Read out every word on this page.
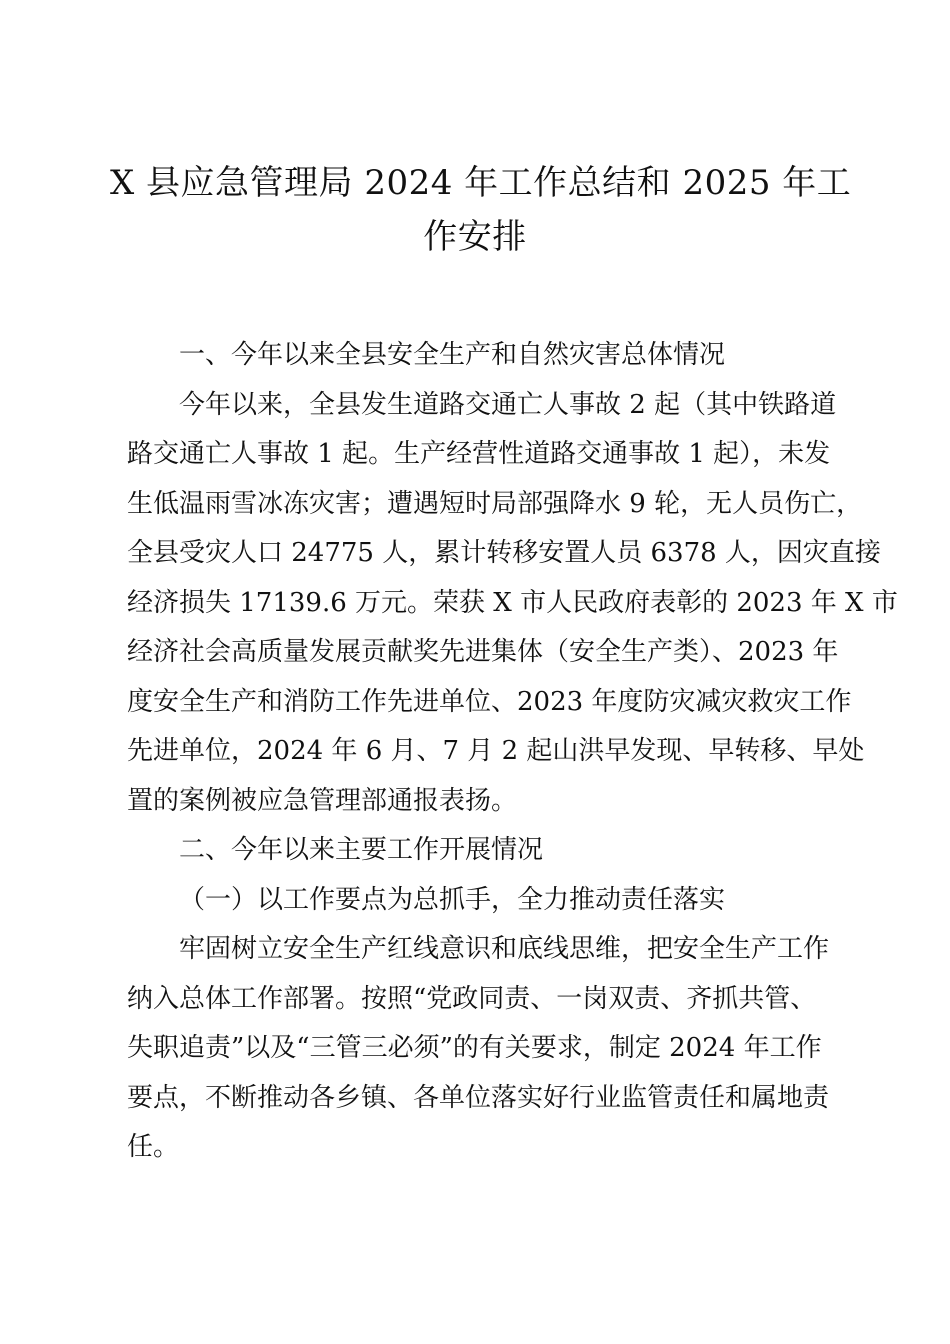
X 县应急管理局 2024 年工作总结和 2025 年工
作安排

一、今年以来全县安全生产和自然灾害总体情况

今年以来，全县发生道路交通亡人事故 2 起（其中铁路道
路交通亡人事故 1 起。生产经营性道路交通事故 1 起），未发
生低温雨雪冰冻灾害；遭遇短时局部强降水 9 轮，无人员伤亡，
全县受灾人口 24775 人，累计转移安置人员 6378 人，因灾直接
经济损失 17139.6 万元。荣获 X 市人民政府表彰的 2023 年 X 市
经济社会高质量发展贡献奖先进集体（安全生产类）、2023 年
度安全生产和消防工作先进单位、2023 年度防灾减灾救灾工作
先进单位，2024 年 6 月、7 月 2 起山洪早发现、早转移、早处
置的案例被应急管理部通报表扬。

二、今年以来主要工作开展情况

（一）以工作要点为总抓手，全力推动责任落实

牢固树立安全生产红线意识和底线思维，把安全生产工作
纳入总体工作部署。按照“党政同责、一岗双责、齐抓共管、
失职追责”以及“三管三必须”的有关要求，制定 2024 年工作
要点，不断推动各乡镇、各单位落实好行业监管责任和属地责
任。
